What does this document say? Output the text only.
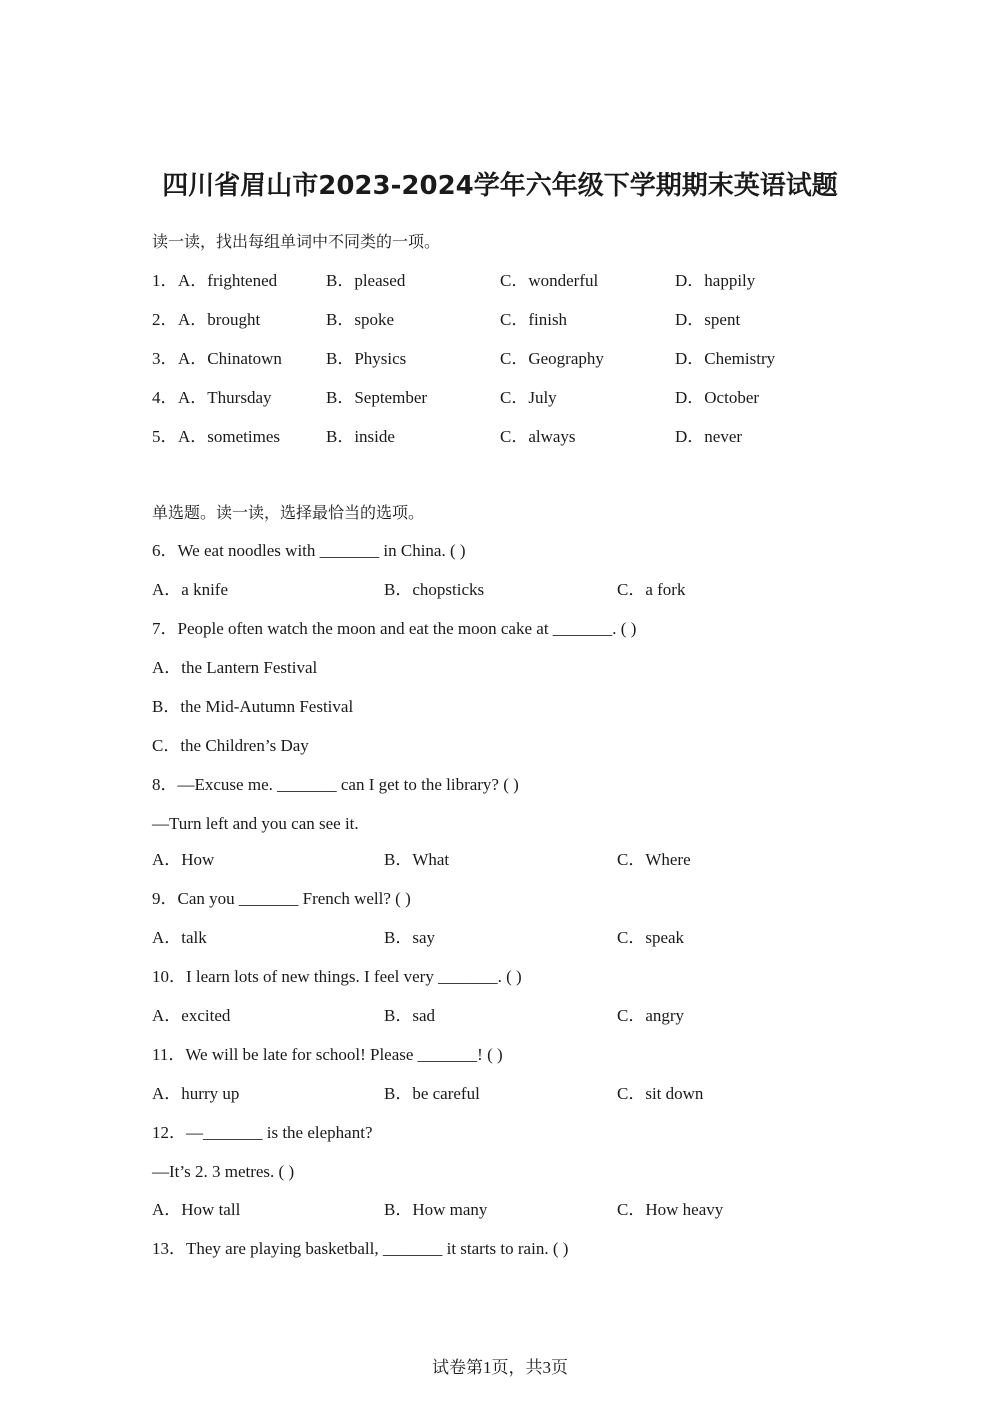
四川省眉山市2023-2024学年六年级下学期期末英语试题
读一读，找出每组单词中不同类的一项。
1． A．frightened	B．pleased	C．wonderful	D．happily
2． A．brought	B．spoke	C．finish	D．spent
3． A．Chinatown	B．Physics	C．Geography	D．Chemistry
4． A．Thursday	B．September	C．July	D．October
5． A．sometimes	B．inside	C．always	D．never
单选题。读一读，选择最恰当的选项。
6．We eat noodles with _______ in China. ( )
A．a knife	B．chopsticks	C．a fork
7．People often watch the moon and eat the moon cake at _______. ( )
A．the Lantern Festival
B．the Mid-Autumn Festival
C．the Children’s Day
8．—Excuse me. _______ can I get to the library? ( )
—Turn left and you can see it.
A．How	B．What	C．Where
9．Can you _______ French well? ( )
A．talk	B．say	C．speak
10．I learn lots of new things. I feel very _______. ( )
A．excited	B．sad	C．angry
11．We will be late for school! Please _______! ( )
A．hurry up	B．be careful	C．sit down
12．—_______ is the elephant?
—It’s 2. 3 metres. ( )
A．How tall	B．How many	C．How heavy
13．They are playing basketball, _______ it starts to rain. ( )
试卷第1页，共3页
